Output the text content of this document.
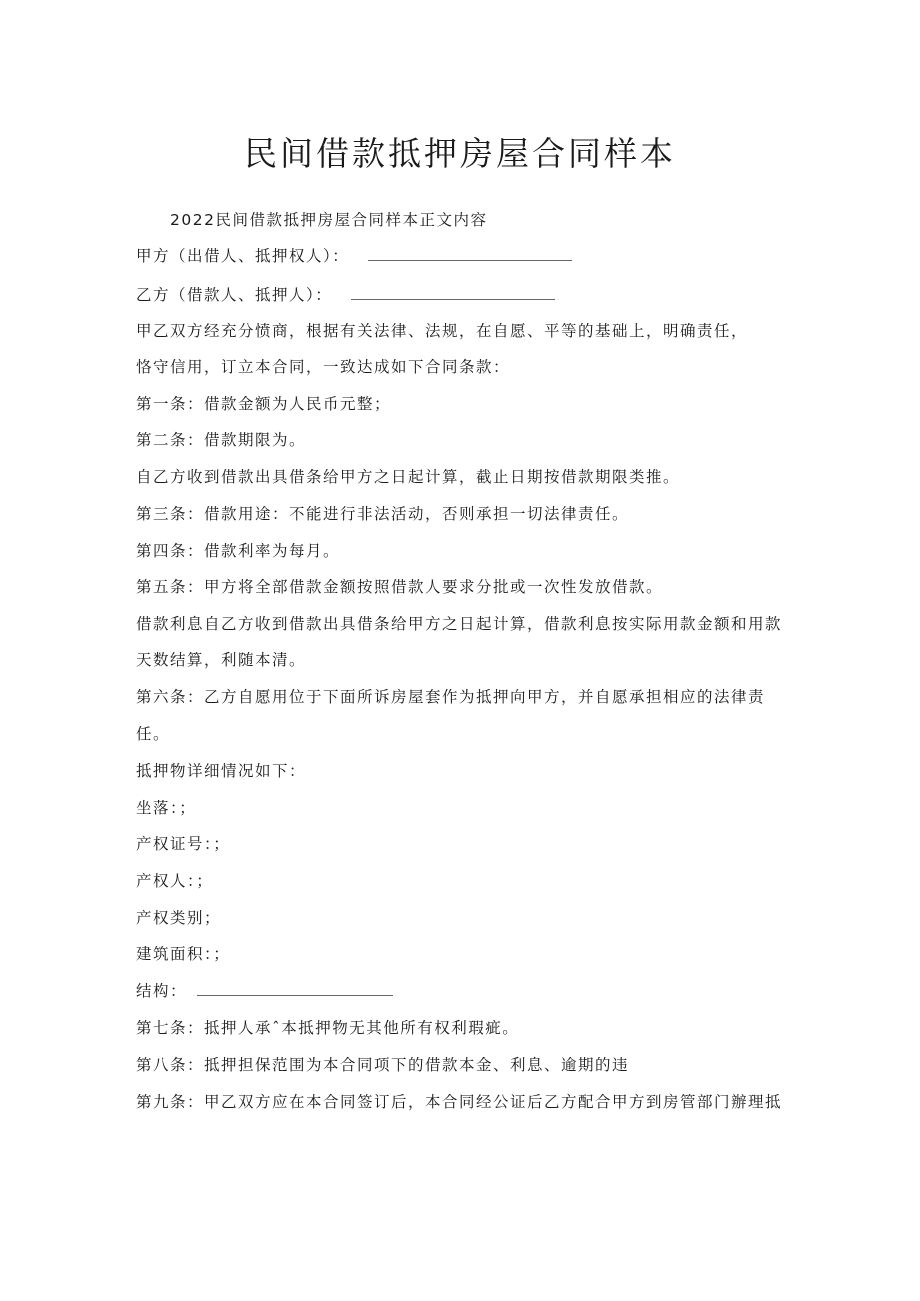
民间借款抵押房屋合同样本

2022民间借款抵押房屋合同样本正文内容

甲方（出借人、抵押权人）：

乙方（借款人、抵押人）：

甲乙双方经充分愤商，根据有关法律、法规，在自愿、平等的基础上，明确责任，

恪守信用，订立本合同，一致达成如下合同条款：

第一条：借款金额为人民币元整；

第二条：借款期限为。

自乙方收到借款出具借条给甲方之日起计算，截止日期按借款期限类推。

第三条：借款用途：不能进行非法活动，否则承担一切法律责任。

第四条：借款利率为每月。

第五条：甲方将全部借款金额按照借款人要求分批或一次性发放借款。

借款利息自乙方收到借款出具借条给甲方之日起计算，借款利息按实际用款金额和用款

天数结算，利随本清。

第六条：乙方自愿用位于下面所诉房屋套作为抵押向甲方，并自愿承担相应的法律责

任。

抵押物详细情况如下：

坐落：；

产权证号：；

产权人：；

产权类别；

建筑面积：；

结构：

第七条：抵押人承ˆ本抵押物无其他所有权利瑕疵。

第八条：抵押担保范围为本合同项下的借款本金、利息、逾期的违

第九条：甲乙双方应在本合同签订后，本合同经公证后乙方配合甲方到房管部门辦理抵
